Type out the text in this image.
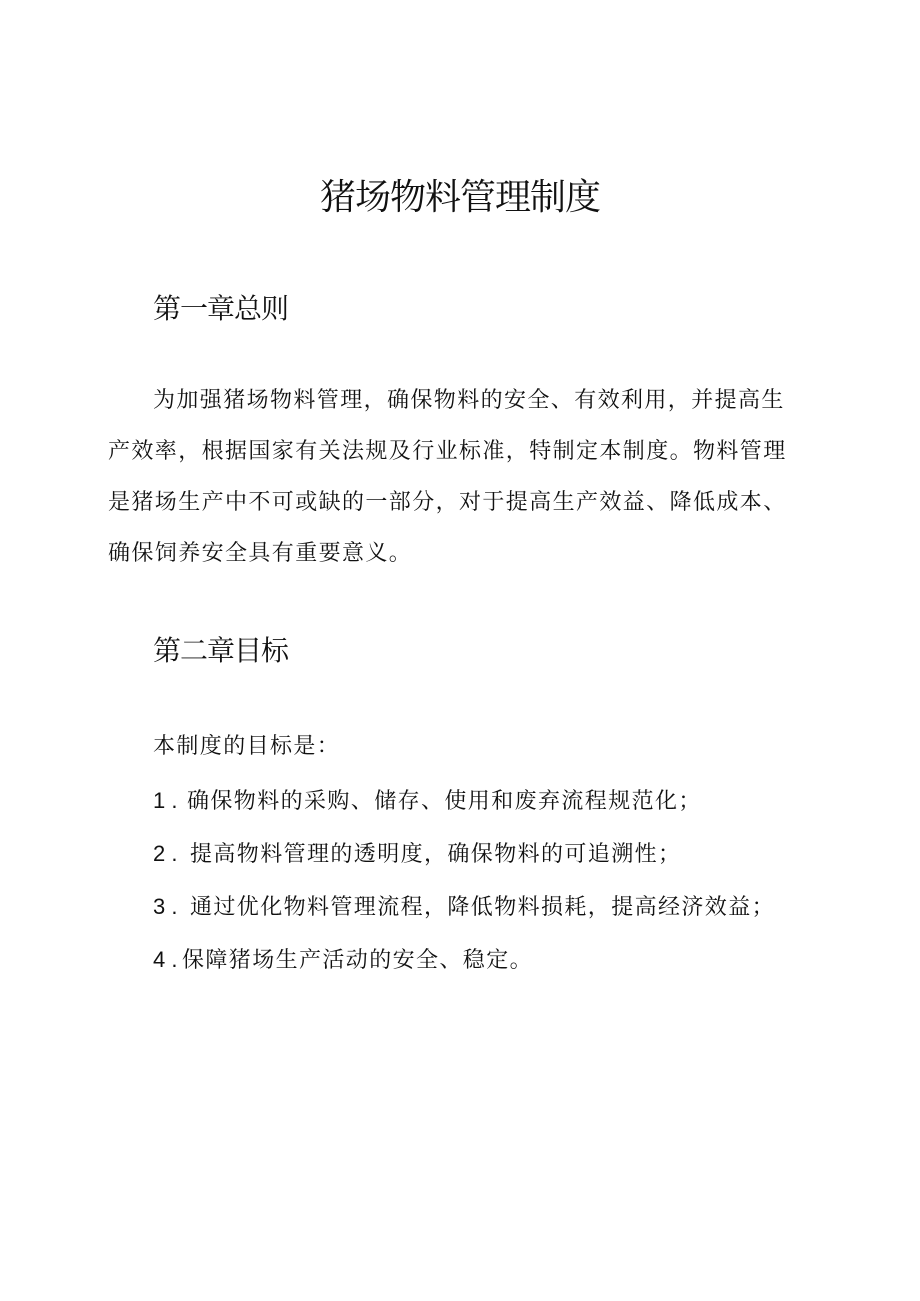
猪场物料管理制度
第一章总则

为加强猪场物料管理，确保物料的安全、有效利用，并提高生产效率，根据国家有关法规及行业标准，特制定本制度。物料管理是猪场生产中不可或缺的一部分，对于提高生产效益、降低成本、确保饲养安全具有重要意义。

第二章目标

本制度的目标是：

1 . 确保物料的采购、储存、使用和废弃流程规范化；
2 . 提高物料管理的透明度，确保物料的可追溯性；
3 . 通过优化物料管理流程，降低物料损耗，提高经济效益；
4 . 保障猪场生产活动的安全、稳定。
